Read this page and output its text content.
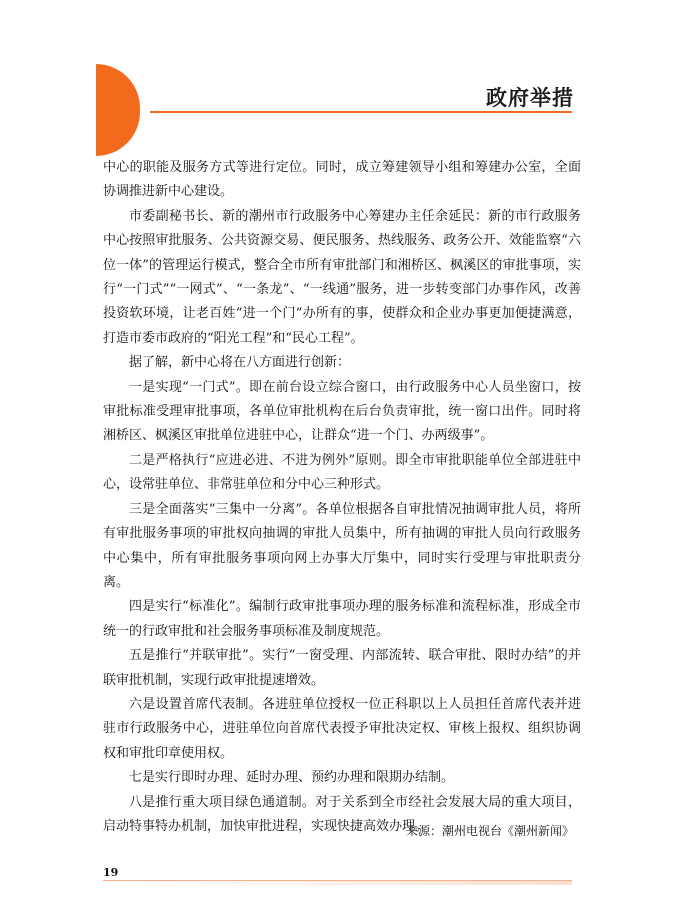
政府举措

中心的职能及服务方式等进行定位。同时，成立筹建领导小组和筹建办公室，全面协调推进新中心建设。

市委副秘书长、新的潮州市行政服务中心筹建办主任余延民：新的市行政服务中心按照审批服务、公共资源交易、便民服务、热线服务、政务公开、效能监察“六位一体”的管理运行模式，整合全市所有审批部门和湘桥区、枫溪区的审批事项，实行“一门式”“一网式”、“一条龙”、“一线通”服务，进一步转变部门办事作风，改善投资软环境，让老百姓“进一个门”办所有的事，使群众和企业办事更加便捷满意，打造市委市政府的“阳光工程”和“民心工程”。

据了解，新中心将在八方面进行创新：

一是实现“一门式”。即在前台设立综合窗口，由行政服务中心人员坐窗口，按审批标准受理审批事项，各单位审批机构在后台负责审批，统一窗口出件。同时将湘桥区、枫溪区审批单位进驻中心，让群众“进一个门、办两级事”。

二是严格执行“应进必进、不进为例外”原则。即全市审批职能单位全部进驻中心，设常驻单位、非常驻单位和分中心三种形式。

三是全面落实“三集中一分离”。各单位根据各自审批情况抽调审批人员，将所有审批服务事项的审批权向抽调的审批人员集中，所有抽调的审批人员向行政服务中心集中，所有审批服务事项向网上办事大厅集中，同时实行受理与审批职责分离。

四是实行“标准化”。编制行政审批事项办理的服务标准和流程标准，形成全市统一的行政审批和社会服务事项标准及制度规范。

五是推行“并联审批”。实行“一窗受理、内部流转、联合审批、限时办结”的并联审批机制，实现行政审批提速增效。

六是设置首席代表制。各进驻单位授权一位正科职以上人员担任首席代表并进驻市行政服务中心，进驻单位向首席代表授予审批决定权、审核上报权、组织协调权和审批印章使用权。

七是实行即时办理、延时办理、预约办理和限期办结制。

八是推行重大项目绿色通道制。对于关系到全市经社会发展大局的重大项目，启动特事特办机制，加快审批进程，实现快捷高效办理。

来源：潮州电视台《潮州新闻》
19
